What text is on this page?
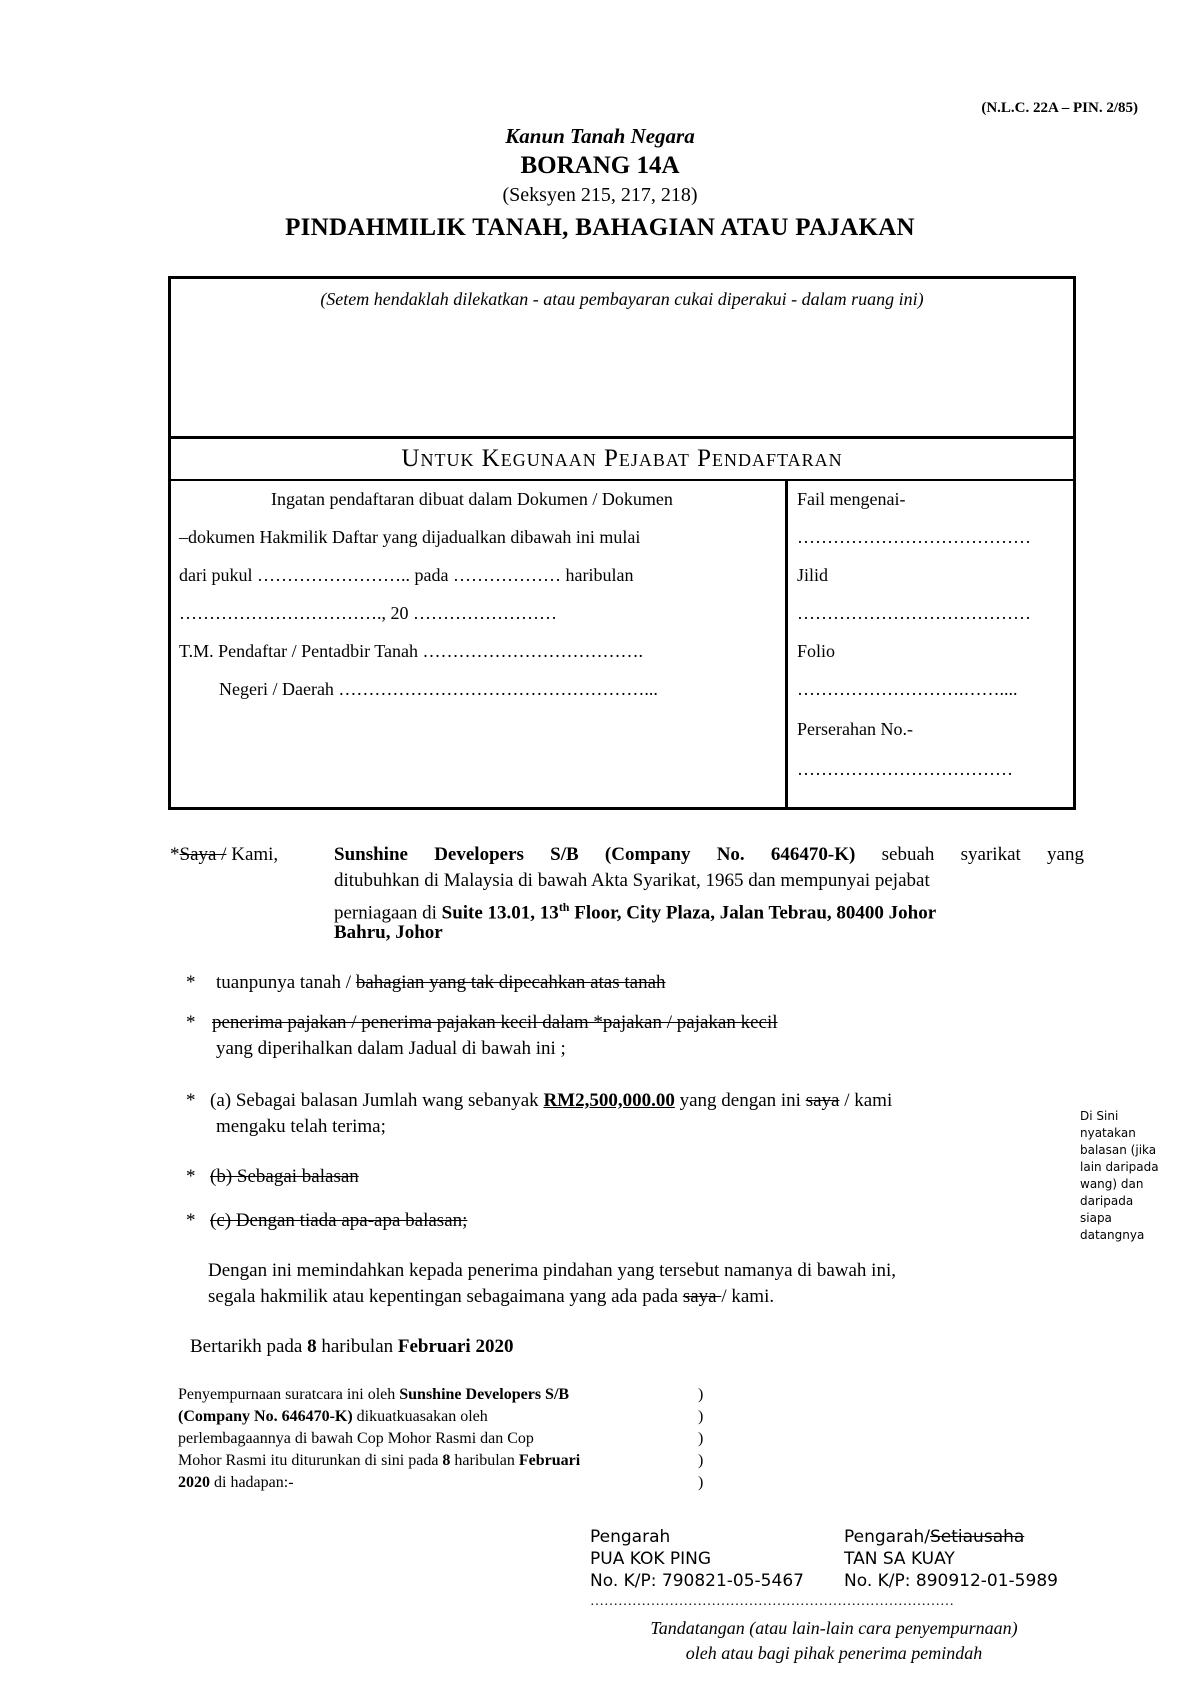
(N.L.C. 22A – PIN. 2/85)
Kanun Tanah Negara
BORANG 14A
(Seksyen 215, 217, 218)
PINDAHMILIK TANAH, BAHAGIAN ATAU PAJAKAN
(Setem hendaklah dilekatkan - atau pembayaran cukai diperakui - dalam ruang ini)
Untuk Kegunaan Pejabat Pendaftaran
Ingatan pendaftaran dibuat dalam Dokumen / Dokumen
–dokumen Hakmilik Daftar yang dijadualkan dibawah ini mulai
dari pukul …………………….. pada ……………… haribulan
……………………………., 20 ……………………
T.M. Pendaftar / Pentadbir Tanah ……………………………….
Negeri / Daerah ……………………………………………...
Fail mengenai-
…………………………………
Jilid
…………………………………
Folio
……………………….……....
Perserahan No.-
………………………………
*Saya / Kami,	Sunshine Developers S/B (Company No. 646470-K) sebuah syarikat yang
ditubuhkan di Malaysia di bawah Akta Syarikat, 1965 dan mempunyai pejabat
perniagaan di Suite 13.01, 13th Floor, City Plaza, Jalan Tebrau, 80400 Johor
Bahru, Johor
* tuanpunya tanah / bahagian yang tak dipecahkan atas tanah
* penerima pajakan / penerima pajakan kecil dalam *pajakan / pajakan kecil
yang diperihalkan dalam Jadual di bawah ini ;
* (a) Sebagai balasan Jumlah wang sebanyak RM2,500,000.00 yang dengan ini saya / kami
mengaku telah terima;
* (b) Sebagai balasan
* (c) Dengan tiada apa-apa balasan;
Di Sini
nyatakan
balasan (jika
lain daripada
wang) dan
daripada
siapa
datangnya
Dengan ini memindahkan kepada penerima pindahan yang tersebut namanya di bawah ini,
segala hakmilik atau kepentingan sebagaimana yang ada pada saya / kami.
Bertarikh pada 8 haribulan Februari 2020
Penyempurnaan suratcara ini oleh Sunshine Developers S/B
(Company No. 646470-K) dikuatkuasakan oleh
perlembagaannya di bawah Cop Mohor Rasmi dan Cop
Mohor Rasmi itu diturunkan di sini pada 8 haribulan Februari
2020 di hadapan:-
)
)
)
)
)
Pengarah
PUA KOK PING
No. K/P: 790821-05-5467
Pengarah/Setiausaha
TAN SA KUAY
No. K/P: 890912-01-5989
……………………………………………………………………
Tandatangan (atau lain-lain cara penyempurnaan)
oleh atau bagi pihak penerima pemindah
